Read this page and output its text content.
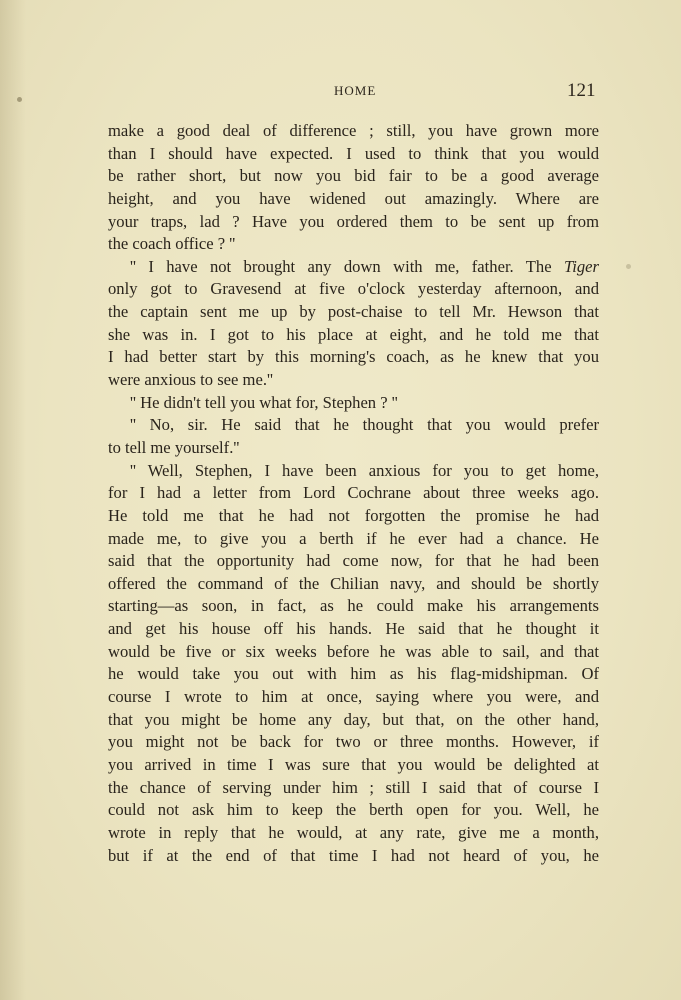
HOME	121
make a good deal of difference ; still, you have grown more
than I should have expected. I used to think that you would
be rather short, but now you bid fair to be a good average
height, and you have widened out amazingly. Where are
your traps, lad ? Have you ordered them to be sent up from
the coach office ? ''
'' I have not brought any down with me, father. The Tiger
only got to Gravesend at five o'clock yesterday afternoon, and
the captain sent me up by post-chaise to tell Mr. Hewson that
she was in. I got to his place at eight, and he told me that
I had better start by this morning's coach, as he knew that you
were anxious to see me.''
'' He didn't tell you what for, Stephen ? ''
'' No, sir. He said that he thought that you would prefer
to tell me yourself.''
'' Well, Stephen, I have been anxious for you to get home,
for I had a letter from Lord Cochrane about three weeks ago.
He told me that he had not forgotten the promise he had
made me, to give you a berth if he ever had a chance. He
said that the opportunity had come now, for that he had been
offered the command of the Chilian navy, and should be shortly
starting—as soon, in fact, as he could make his arrangements
and get his house off his hands. He said that he thought it
would be five or six weeks before he was able to sail, and that
he would take you out with him as his flag-midshipman. Of
course I wrote to him at once, saying where you were, and
that you might be home any day, but that, on the other hand,
you might not be back for two or three months. However, if
you arrived in time I was sure that you would be delighted at
the chance of serving under him ; still I said that of course I
could not ask him to keep the berth open for you. Well, he
wrote in reply that he would, at any rate, give me a month,
but if at the end of that time I had not heard of you, he
